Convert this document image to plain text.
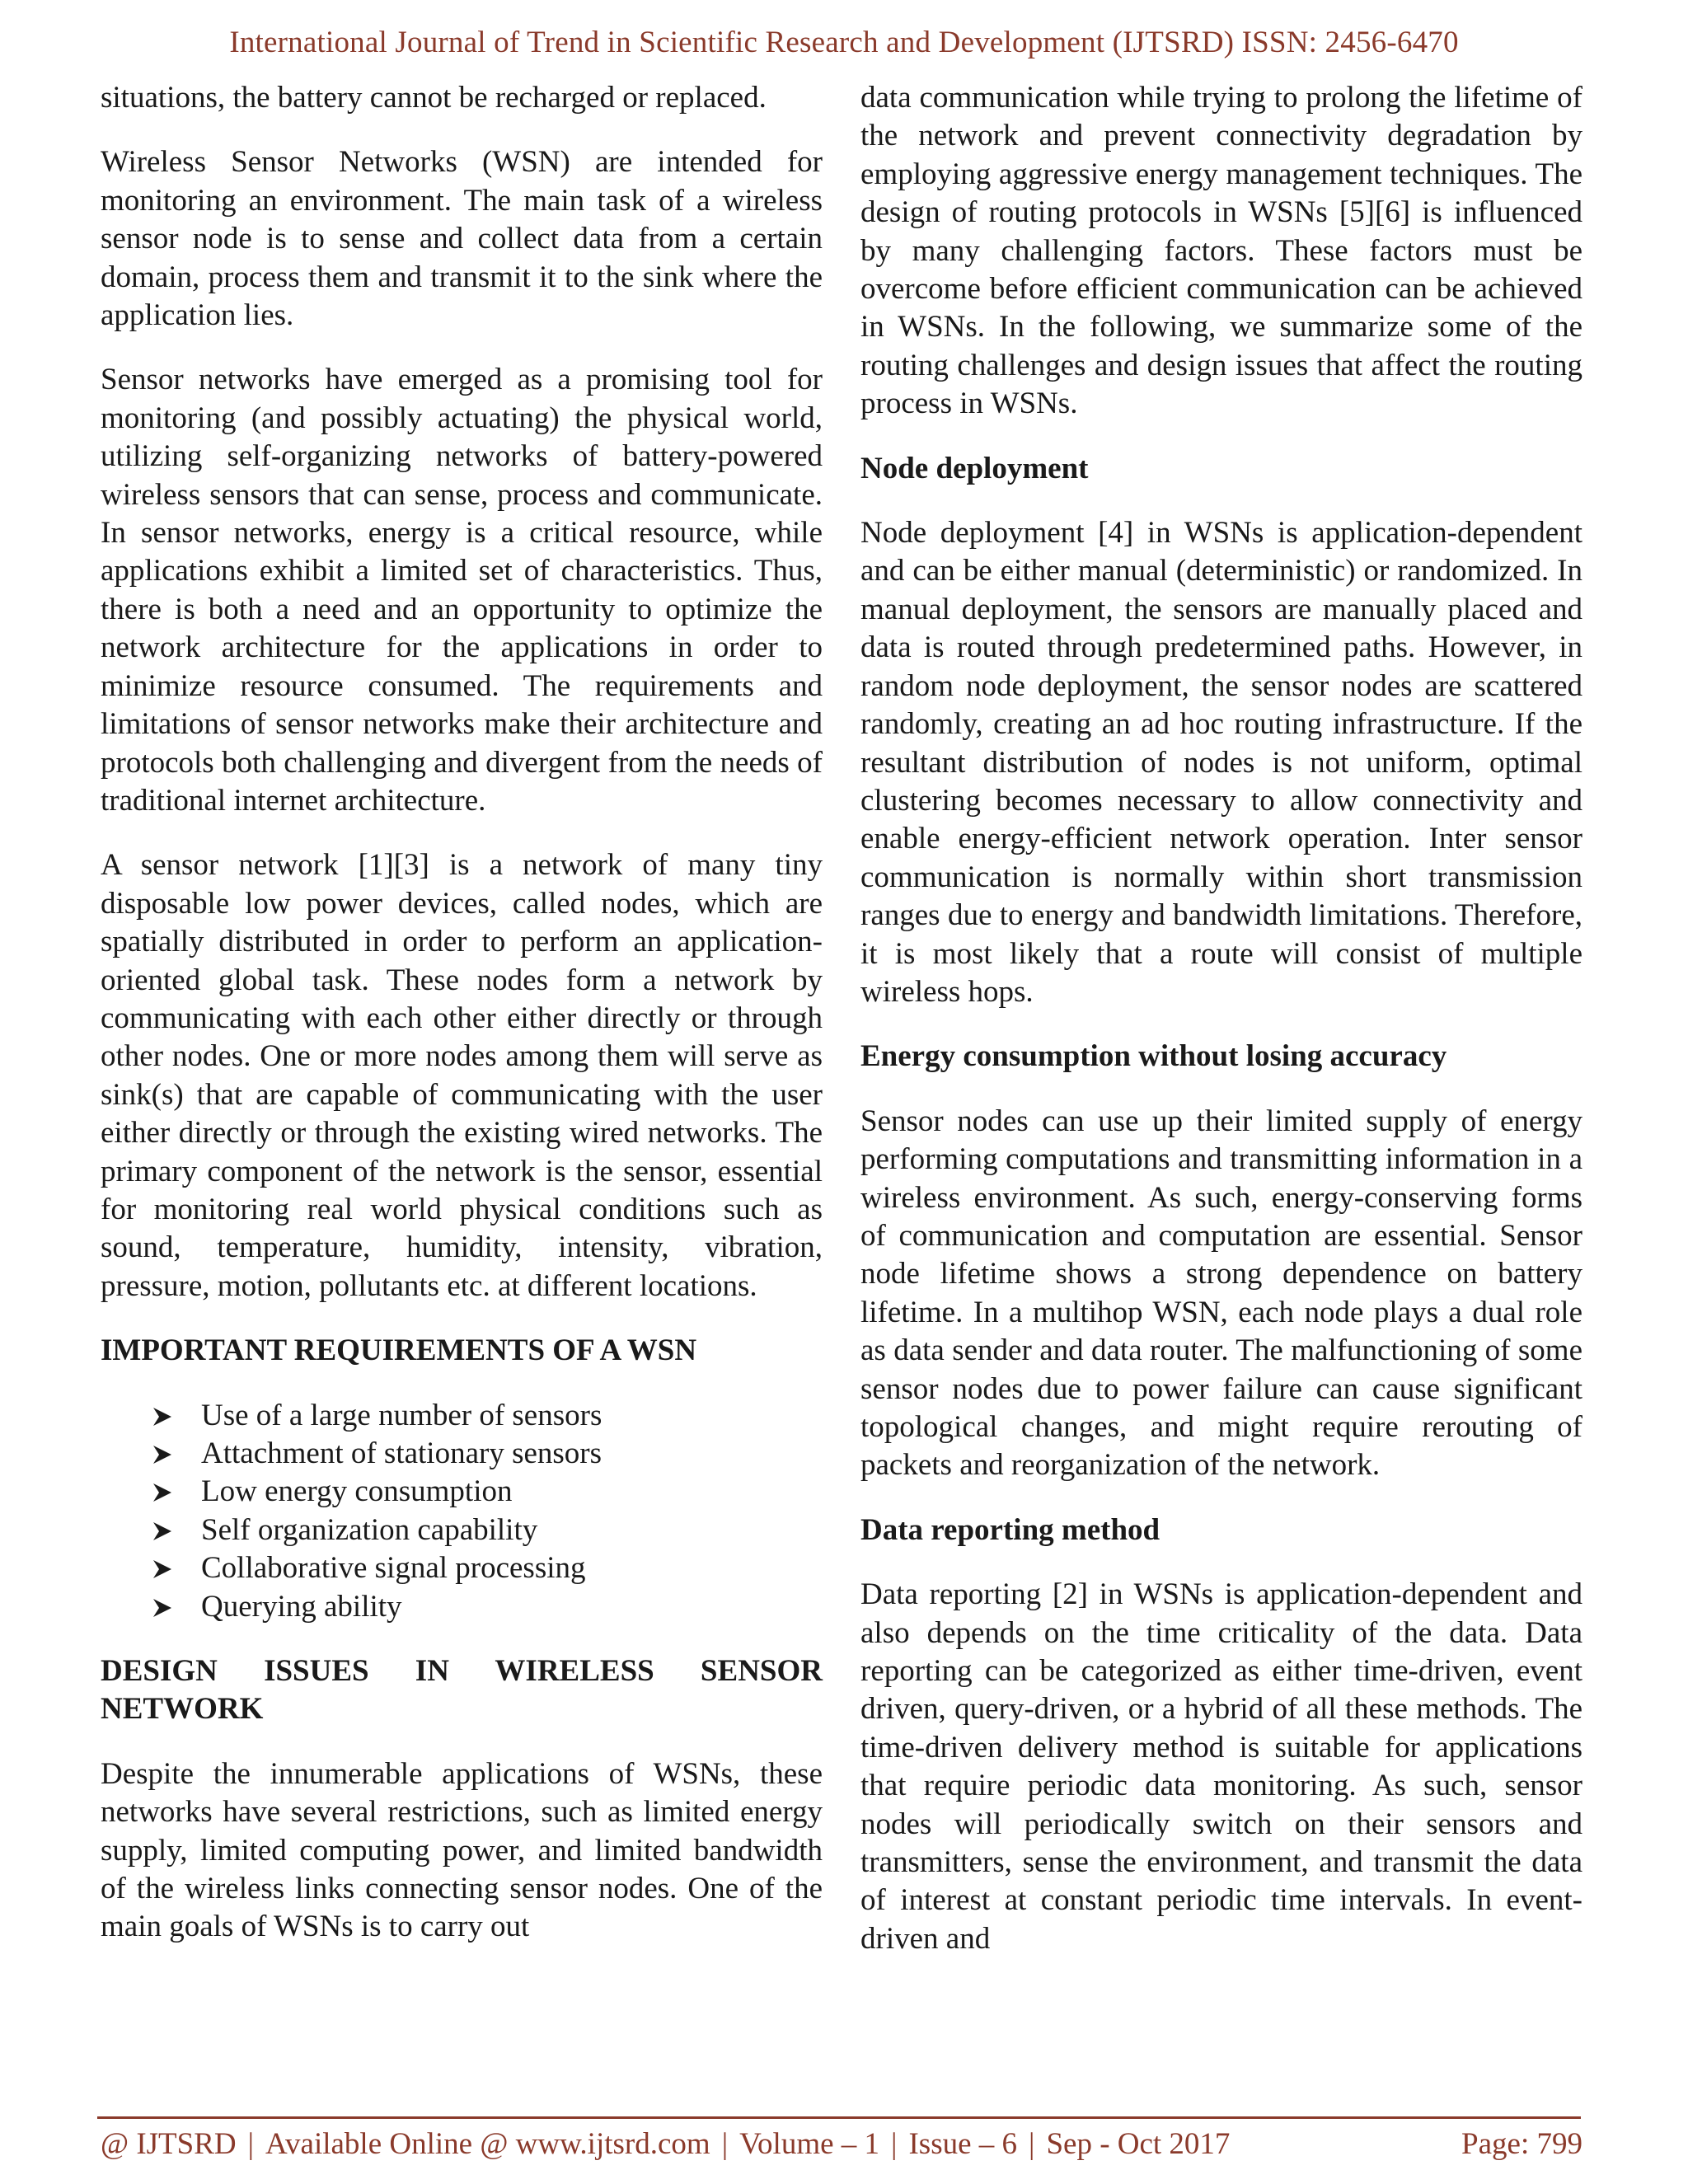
International Journal of Trend in Scientific Research and Development (IJTSRD) ISSN: 2456-6470

situations, the battery cannot be recharged or replaced.

Wireless Sensor Networks (WSN) are intended for monitoring an environment. The main task of a wireless sensor node is to sense and collect data from a certain domain, process them and transmit it to the sink where the application lies.

Sensor networks have emerged as a promising tool for monitoring (and possibly actuating) the physical world, utilizing self-organizing networks of battery-powered wireless sensors that can sense, process and communicate. In sensor networks, energy is a critical resource, while applications exhibit a limited set of characteristics. Thus, there is both a need and an opportunity to optimize the network architecture for the applications in order to minimize resource consumed. The requirements and limitations of sensor networks make their architecture and protocols both challenging and divergent from the needs of traditional internet architecture.

A sensor network [1][3] is a network of many tiny disposable low power devices, called nodes, which are spatially distributed in order to perform an application-oriented global task. These nodes form a network by communicating with each other either directly or through other nodes. One or more nodes among them will serve as sink(s) that are capable of communicating with the user either directly or through the existing wired networks. The primary component of the network is the sensor, essential for monitoring real world physical conditions such as sound, temperature, humidity, intensity, vibration, pressure, motion, pollutants etc. at different locations.

IMPORTANT REQUIREMENTS OF A WSN
Use of a large number of sensors
Attachment of stationary sensors
Low energy consumption
Self organization capability
Collaborative signal processing
Querying ability
DESIGN ISSUES IN WIRELESS SENSOR
NETWORK

Despite the innumerable applications of WSNs, these networks have several restrictions, such as limited energy supply, limited computing power, and limited bandwidth of the wireless links connecting sensor nodes. One of the main goals of WSNs is to carry out

data communication while trying to prolong the lifetime of the network and prevent connectivity degradation by employing aggressive energy management techniques. The design of routing protocols in WSNs [5][6] is influenced by many challenging factors. These factors must be overcome before efficient communication can be achieved in WSNs. In the following, we summarize some of the routing challenges and design issues that affect the routing process in WSNs.

Node deployment

Node deployment [4] in WSNs is application-dependent and can be either manual (deterministic) or randomized. In manual deployment, the sensors are manually placed and data is routed through predetermined paths. However, in random node deployment, the sensor nodes are scattered randomly, creating an ad hoc routing infrastructure. If the resultant distribution of nodes is not uniform, optimal clustering becomes necessary to allow connectivity and enable energy-efficient network operation. Inter sensor communication is normally within short transmission ranges due to energy and bandwidth limitations. Therefore, it is most likely that a route will consist of multiple wireless hops.

Energy consumption without losing accuracy

Sensor nodes can use up their limited supply of energy performing computations and transmitting information in a wireless environment. As such, energy-conserving forms of communication and computation are essential. Sensor node lifetime shows a strong dependence on battery lifetime. In a multihop WSN, each node plays a dual role as data sender and data router. The malfunctioning of some sensor nodes due to power failure can cause significant topological changes, and might require rerouting of packets and reorganization of the network.

Data reporting method

Data reporting [2] in WSNs is application-dependent and also depends on the time criticality of the data. Data reporting can be categorized as either time-driven, event driven, query-driven, or a hybrid of all these methods. The time-driven delivery method is suitable for applications that require periodic data monitoring. As such, sensor nodes will periodically switch on their sensors and transmitters, sense the environment, and transmit the data of interest at constant periodic time intervals. In event-driven and

@ IJTSRD | Available Online @ www.ijtsrd.com | Volume – 1 | Issue – 6 | Sep - Oct 2017	Page: 799
